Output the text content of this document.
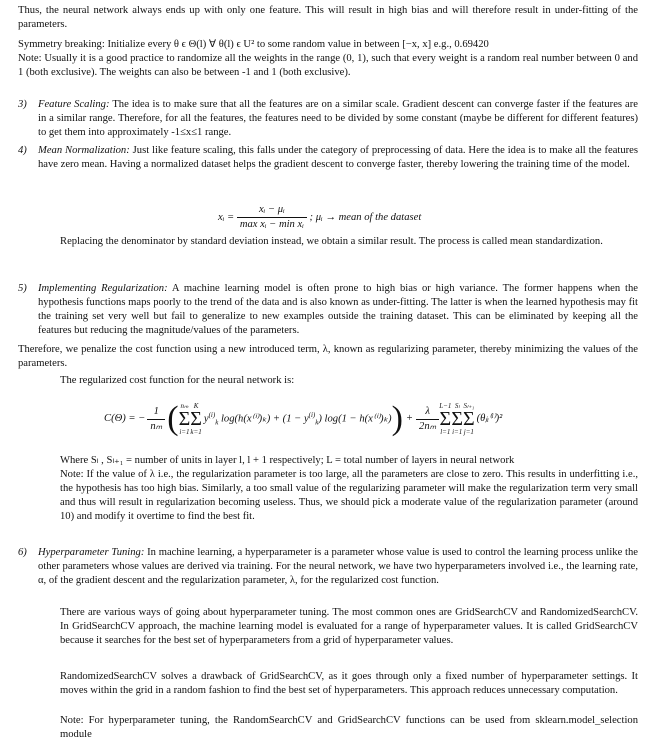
Thus, the neural network always ends up with only one feature. This will result in high bias and will therefore result in under-fitting of the parameters.

Symmetry breaking: Initialize every θ ϵ Θ(l) ∀ θ(l) ϵ U² to some random value in between [−x, x] e.g., 0.69420

Note: Usually it is a good practice to randomize all the weights in the range (0, 1), such that every weight is a random real number between 0 and 1 (both exclusive). The weights can also be between -1 and 1 (both exclusive).

3) Feature Scaling: The idea is to make sure that all the features are on a similar scale. Gradient descent can converge faster if the features are in a similar range. Therefore, for all the features, the features need to be divided by some constant (maybe be different for different features) to get them into approximately -1≤x≤1 range.

4) Mean Normalization: Just like feature scaling, this falls under the category of preprocessing of data. Here the idea is to make all the features have zero mean. Having a normalized dataset helps the gradient descent to converge faster, thereby lowering the training time of the model.

xᵢ = $\frac{\text{xᵢ − μᵢ}}{\text{max xᵢ − min xᵢ}}$ ; μᵢ → mean of the dataset

Replacing the denominator by standard deviation instead, we obtain a similar result. The process is called mean standardization.

5) Implementing Regularization: A machine learning model is often prone to high bias or high variance. The former happens when the hypothesis functions maps poorly to the trend of the data and is also known as under-fitting. The latter is when the learned hypothesis may fit the training set very well but fail to generalize to new examples outside the training dataset. This can be eliminated by keeping all the features but reducing the magnitude/values of the parameters.

Therefore, we penalize the cost function using a new introduced term, λ, known as regularizing parameter, thereby minimizing the values of the parameters.

The regularized cost function for the neural network is:

C(Θ) = − $\frac{1}{\text{nₘ}}$ ( nₘ
Σ
i=1
K
Σ
k=1
$y^{(i)}_k$ $\log(h(x^{(i)})_k) + (1 - y^{(i)}_k)$ log(1 − h(x⁽ⁱ⁾)ₖ) ) + $\frac{\lambda}{\text{2nₘ}} L-1$
Σ
l=1
Sₗ
Σ
i=1
Sₗ₊₁
Σ
j=1
(θⱼᵢ⁽ˡ⁾)²

Where Sₗ , Sₗ₊₁ = number of units in layer l, l + 1 respectively; L = total number of layers in neural network

Note: If the value of λ i.e., the regularization parameter is too large, all the parameters are close to zero. This results in underfitting i.e., the hypothesis has too high bias. Similarly, a too small value of the regularizing parameter will make the regularization term very small and thus will result in regularization becoming useless. Thus, we should pick a moderate value of the regularization parameter (around 10) and modify it overtime to find the best fit.

6) Hyperparameter Tuning: In machine learning, a hyperparameter is a parameter whose value is used to control the learning process unlike the other parameters whose values are derived via training. For the neural network, we have two hyperparameters involved i.e., the learning rate, α, of the gradient descent and the regularization parameter, λ, for the regularized cost function.

There are various ways of going about hyperparameter tuning. The most common ones are GridSearchCV and RandomizedSearchCV. In GridSearchCV approach, the machine learning model is evaluated for a range of hyperparameter values. It is called GridSearchCV because it searches for the best set of hyperparameters from a grid of hyperparameter values.

RandomizedSearchCV solves a drawback of GridSearchCV, as it goes through only a fixed number of hyperparameter settings. It moves within the grid in a random fashion to find the best set of hyperparameters. This approach reduces unnecessary computation.

Note: For hyperparameter tuning, the RandomSearchCV and GridSearchCV functions can be used from sklearn.model_selection module
